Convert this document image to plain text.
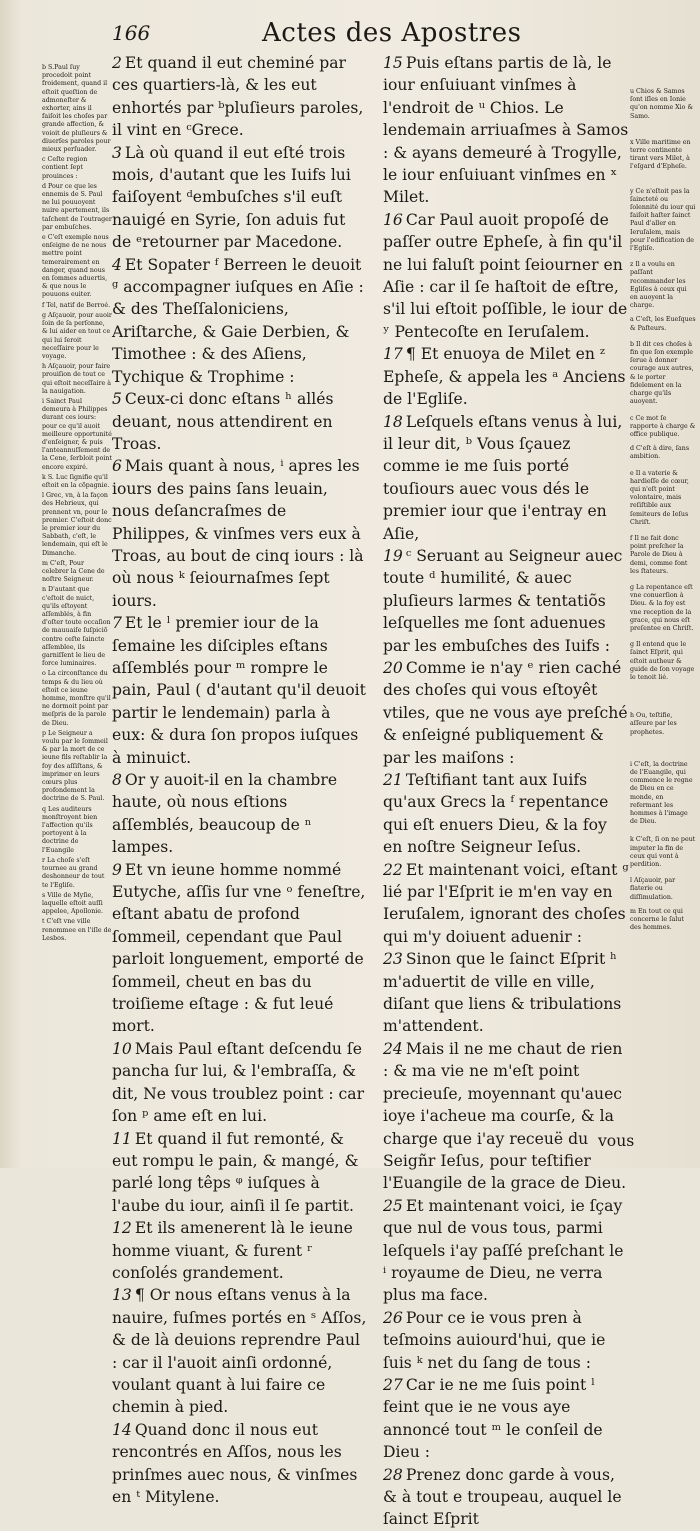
166	Actes des Apostres
b S.Paul ſuy procedoit point froidement, quand il eſtoit queſtion de admoneſter & exhorter, ains il faiſoit les choſes par grande affection, & voioit de pluſieurs & diuerſes paroles pour mieux perſuader.
c Ceſte region contient ſept prouinces :
d Pour ce que les ennemis de S. Paul ne lui pouuoyent nuire apertement, ils taſchent de l'outrager par embuſches.
e C'eſt exemple nous enſeigne de ne nous mettre point temerairement en danger, quand nous en ſommes aduertis, & que nous le pouuons euiter.
f Tel, natif de Berroé.
g Aſçauoir, pour auoir ſoin de ſa perſonne, & lui aider en tout ce qui lui ſeroit neceſſaire pour le voyage.
h Aſçauoir, pour faire prouiſion de tout ce qui eſtoit neceſſaire à la nauigation.
i Sainct Paul demeura à Philippes durant ces iours: pour ce qu'il auoit meilleure opportunité d'enſeigner, & puis l'anteannuſſement de la Cene, ſerbloit point encore expiré.
k S. Luc ſignifie qu'il eſtoit en la cõpagnie.
l Grec, vn, à la façon des Hebrieux, qui prennent vn, pour le premier. C'eſtoit donc le premier iour du Sabbath, c'eſt, le lendemain, qui eſt le Dimanche.
m C'eſt, Pour celebrer la Cene de noſtre Seigneur.
n D'autant que c'eſtoit de nuict, qu'ils eſtoyent aſſemblés, à fin d'oſter toute occaſion de mauuaiſe ſuſpiciõ contre ceſte ſaincte aſſemblee, ils garniſſent le lieu de force luminaires.
o La circonſtance du temps & du lieu où eſtoit ce ieune homme, monſtre qu'il ne dormoit point par meſpris de la parole de Dieu.
p Le Seigneur a voulu par le ſommeil & par la mort de ce ieune fils reſtablir la foy des aſſiſtans, & imprimer en leurs cœurs plus profondement la doctrine de S. Paul.
q Les auditeurs monſtroyent bien l'affection qu'ils portoyent à la doctrine de l'Euangile
r La choſe s'eſt tournee au grand deshonneur de tout te l'Egliſe.
s Ville de Myſie, laquelle eſtoit auſſi appelee, Apollonie.
t C'eſt vne ville renommee en l'iſle de Lesbos.
u Chios & Samos ſont iſles en Ionie qu'on nomme Xio & Samo.
x Ville maritime en terre continente tirant vers Milet, à l'eſgard d'Epheſe.
y Ce n'eſtoit pas la ſaincteté ou ſolennité du iour qui faiſoit haſter ſainct Paul d'aller en Ieruſalem, mais pour l'edification de l'Egliſe.
z Il a voulu en paſſant recommander les Egliſes à ceux qui en auoyent la charge.
a C'eſt, les Eueſques & Paſteurs.
b Il dit ces choſes à fin que ſon exemple ſerue à donner courage aux autres, & le porter fidelement en la charge qu'ils auoyent.
c Ce mot ſe rapporte à charge & office publique.
d C'eſt à dire, ſans ambition.
e Il a vaterie & hardieſſe de cœur, qui n'eſt point volontaire, mais reſiſtible aux ſemiteurs de Ieſus Chriſt.
f Il ne fait donc point preſcher la Parole de Dieu à demi, comme font les ſtateurs.
g La repentance eſt vne conuerſion à Dieu. & la foy est vne reception de la grace, qui nous eſt preſentee en Chriſt.
g Il entend que le ſainct Eſprit, qui eſtoit autheur & guide de ſon voyage le tenoit lié.
h Ou, teſtifie, aſſeure par les prophetes.
i C'eſt, la doctrine de l'Euangile, qui commence le regne de Dieu en ce monde, en refermant les hommes à l'image de Dieu.
k C'eſt, ſi on ne peut imputer la fin de ceux qui vont à perdition.
l Aſçauoir, par flaterie ou diſſimulation.
m En tout ce qui concerne le ſalut des hommes.

2 Et quand il eut cheminé par ces quartiers-là, & les eut enhortés par ᵇpluſieurs paroles, il vint en ᶜGrece.

3 Là où quand il eut eſté trois mois, d'autant que les Iuifs lui faiſoyent ᵈembuſches s'il euſt nauigé en Syrie, ſon aduis fut de ᵉretourner par Macedone.

4 Et Sopater ᶠ Berreen le deuoit ᵍ accompagner iuſques en Aſie : & des Theſſaloniciens, Ariſtarche, & Gaie Derbien, & Timothee : & des Aſiens, Tychique & Trophime :

5 Ceux-ci donc eſtans ʰ allés deuant, nous attendirent en Troas.

6 Mais quant à nous, ⁱ apres les iours des pains ſans leuain, nous deſancraſmes de Philippes, & vinſmes vers eux à Troas, au bout de cinq iours : là où nous ᵏ ſeiournaſmes ſept iours.

7 Et le ˡ premier iour de la ſemaine les diſciples eſtans aſſemblés pour ᵐ rompre le pain, Paul ( d'autant qu'il deuoit partir le lendemain) parla à eux: & dura ſon propos iuſques à minuict.

8 Or y auoit-il en la chambre haute, où nous eſtions aſſemblés, beaucoup de ⁿ lampes.

9 Et vn ieune homme nommé Eutyche, aſſis ſur vne ᵒ feneſtre, eſtant abatu de profond ſommeil, cependant que Paul parloit longuement, emporté de ſommeil, cheut en bas du troiſieme eſtage : & fut leué mort.

10 Mais Paul eſtant deſcendu ſe pancha ſur lui, & l'embraſſa, & dit, Ne vous troublez point : car ſon ᵖ ame eſt en lui.

11 Et quand il fut remonté, & eut rompu le pain, & mangé, & parlé long têps ᵠ iuſques à l'aube du iour, ainſi il ſe partit.

12 Et ils amenerent là le ieune homme viuant, & furent ʳ conſolés grandement.

13 ¶ Or nous eſtans venus à la nauire, fuſmes portés en ˢ Aſſos, & de là deuions reprendre Paul : car il l'auoit ainſi ordonné, voulant quant à lui faire ce chemin à pied.

14 Quand donc il nous eut rencontrés en Aſſos, nous les prinſmes auec nous, & vinſmes en ᵗ Mitylene.

15 Puis eſtans partis de là, le iour enſuiuant vinſmes à l'endroit de ᵘ Chios. Le lendemain arriuaſmes à Samos : & ayans demeuré à Trogylle, le iour enſuiuant vinſmes en ˣ Milet.

16 Car Paul auoit propoſé de paſſer outre Epheſe, à fin qu'il ne lui faluſt point ſeiourner en Aſie : car il ſe haſtoit de eſtre, s'il lui eſtoit poſſible, le iour de ʸ Pentecoſte en Ieruſalem.

17 ¶ Et enuoya de Milet en ᶻ Epheſe, & appela les ᵃ Anciens de l'Egliſe.

18 Leſquels eſtans venus à lui, il leur dit, ᵇ Vous ſçauez comme ie me ſuis porté touſiours auec vous dés le premier iour que i'entray en Aſie,

19 ᶜ Seruant au Seigneur auec toute ᵈ humilité, & auec pluſieurs larmes & tentatiõs leſquelles me ſont aduenues par les embuſches des Iuifs :

20 Comme ie n'ay ᵉ rien caché des choſes qui vous eſtoyêt vtiles, que ne vous aye preſché & enſeigné publiquement & par les maiſons :

21 Teſtifiant tant aux Iuifs qu'aux Grecs la ᶠ repentance qui eſt enuers Dieu, & la foy en noſtre Seigneur Ieſus.

22 Et maintenant voici, eſtant ᵍ lié par l'Eſprit ie m'en vay en Ieruſalem, ignorant des choſes qui m'y doiuent aduenir :

23 Sinon que le ſainct Eſprit ʰ m'aduertit de ville en ville, diſant que liens & tribulations m'attendent.

24 Mais il ne me chaut de rien : & ma vie ne m'eſt point precieuſe, moyennant qu'auec ioye i'acheue ma courſe, & la charge que i'ay receuë du Seigñr Ieſus, pour teſtifier l'Euangile de la grace de Dieu.

25 Et maintenant voici, ie ſçay que nul de vous tous, parmi leſquels i'ay paſſé preſchant le ⁱ royaume de Dieu, ne verra plus ma face.

26 Pour ce ie vous pren à teſmoins auiourd'hui, que ie ſuis ᵏ net du ſang de tous :

27 Car ie ne me ſuis point ˡ feint que ie ne vous aye annoncé tout ᵐ le conſeil de Dieu :

28 Prenez donc garde à vous, & à tout e troupeau, auquel le ſainct Eſprit

vous
